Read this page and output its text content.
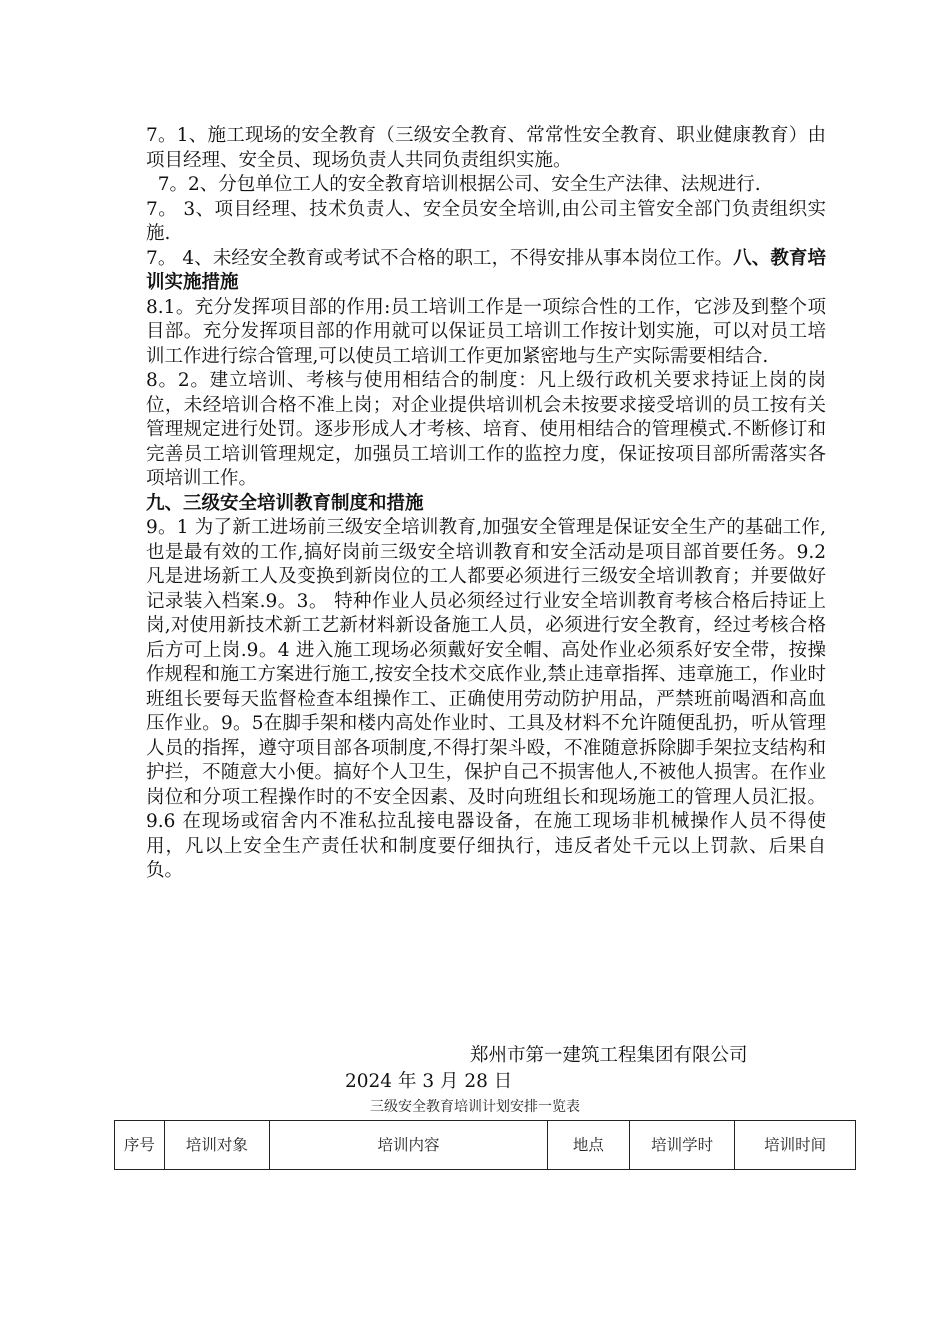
7。1、施工现场的安全教育（三级安全教育、常常性安全教育、职业健康教育）由项目经理、安全员、现场负责人共同负责组织实施。

7。2、分包单位工人的安全教育培训根据公司、安全生产法律、法规进行.

7。 3、项目经理、技术负责人、安全员安全培训,由公司主管安全部门负责组织实施.

7。 4、未经安全教育或考试不合格的职工，不得安排从事本岗位工作。八、教育培训实施措施

8.1。充分发挥项目部的作用:员工培训工作是一项综合性的工作，它涉及到整个项目部。充分发挥项目部的作用就可以保证员工培训工作按计划实施，可以对员工培训工作进行综合管理,可以使员工培训工作更加紧密地与生产实际需要相结合.

8。2。建立培训、考核与使用相结合的制度：凡上级行政机关要求持证上岗的岗位，未经培训合格不准上岗；对企业提供培训机会未按要求接受培训的员工按有关管理规定进行处罚。逐步形成人才考核、培育、使用相结合的管理模式.不断修订和完善员工培训管理规定，加强员工培训工作的监控力度，保证按项目部所需落实各项培训工作。

九、三级安全培训教育制度和措施

9。1 为了新工进场前三级安全培训教育,加强安全管理是保证安全生产的基础工作,也是最有效的工作,搞好岗前三级安全培训教育和安全活动是项目部首要任务。9.2 凡是进场新工人及变换到新岗位的工人都要必须进行三级安全培训教育；并要做好记录装入档案.9。3。 特种作业人员必须经过行业安全培训教育考核合格后持证上岗,对使用新技术新工艺新材料新设备施工人员，必须进行安全教育，经过考核合格后方可上岗.9。4 进入施工现场必须戴好安全帽、高处作业必须系好安全带，按操作规程和施工方案进行施工,按安全技术交底作业,禁止违章指挥、违章施工，作业时班组长要每天监督检查本组操作工、正确使用劳动防护用品，严禁班前喝酒和高血压作业。9。5在脚手架和楼内高处作业时、工具及材料不允许随便乱扔，听从管理人员的指挥，遵守项目部各项制度,不得打架斗殴，不准随意拆除脚手架拉支结构和护拦，不随意大小便。搞好个人卫生，保护自己不损害他人,不被他人损害。在作业岗位和分项工程操作时的不安全因素、及时向班组长和现场施工的管理人员汇报。9.6 在现场或宿舍内不准私拉乱接电器设备，在施工现场非机械操作人员不得使用，凡以上安全生产责任状和制度要仔细执行，违反者处千元以上罚款、后果自负。

郑州市第一建筑工程集团有限公司
2024 年 3 月 28 日
三级安全教育培训计划安排一览表
序号	培训对象	培训内容	地点	培训学时	培训时间
